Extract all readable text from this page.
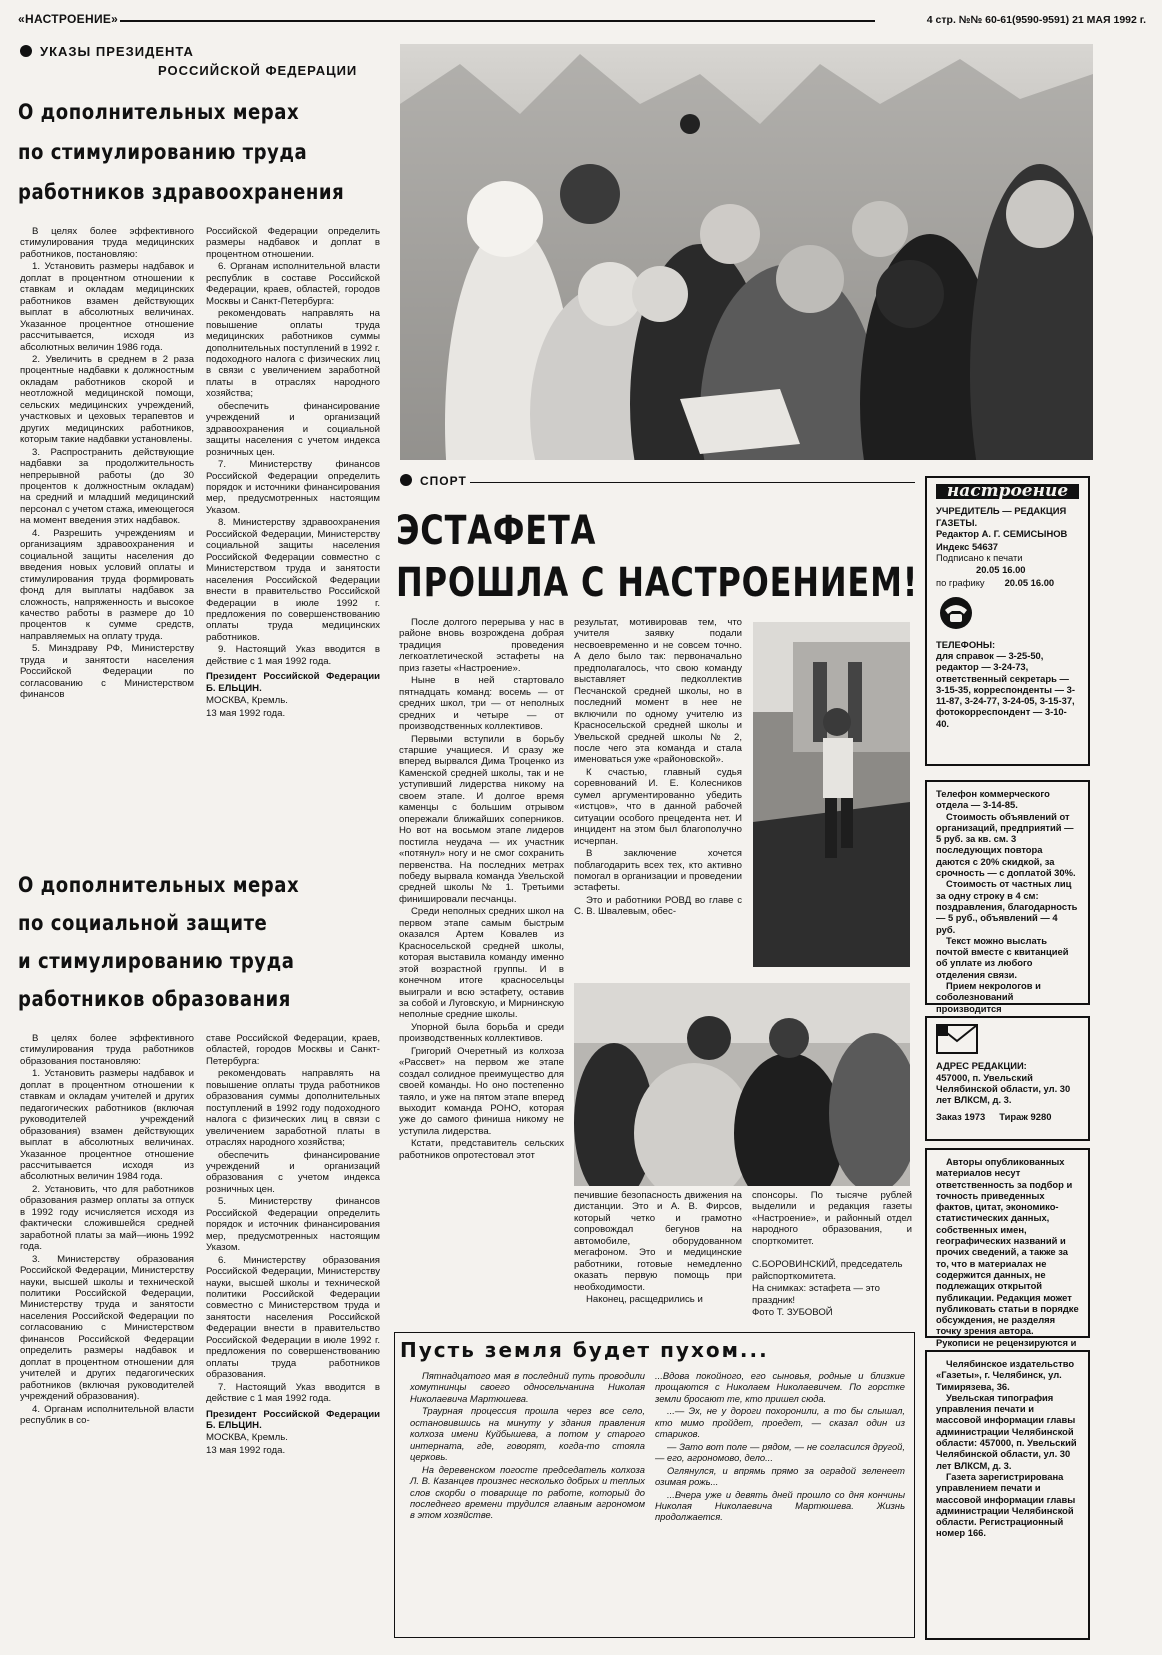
«НАСТРОЕНИЕ»	4 стр. №№ 60-61(9590-9591) 21 МАЯ 1992 г.
УКАЗЫ ПРЕЗИДЕНТА
РОССИЙСКОЙ ФЕДЕРАЦИИ
О дополнительных мерах
по стимулированию труда
работников здравоохранения

В целях более эффективного стимулирования труда медицинских работников, постановляю:

1. Установить размеры надбавок и доплат в процентном отношении к ставкам и окладам медицинских работников взамен действующих выплат в абсолютных величинах. Указанное процентное отношение рассчитывается, исходя из абсолютных величин 1986 года.

2. Увеличить в среднем в 2 раза процентные надбавки к должностным окладам работников скорой и неотложной медицинской помощи, сельских медицинских учреждений, участковых и цеховых терапевтов и других медицинских работников, которым такие надбавки установлены.

3. Распространить действующие надбавки за продолжительность непрерывной работы (до 30 процентов к должностным окладам) на средний и младший медицинский персонал с учетом стажа, имеющегося на момент введения этих надбавок.

4. Разрешить учреждениям и организациям здравоохранения и социальной защиты населения до введения новых условий оплаты и стимулирования труда формировать фонд для выплаты надбавок за сложность, напряженность и высокое качество работы в размере до 10 процентов к сумме средств, направляемых на оплату труда.

5. Минздраву РФ, Министерству труда и занятости населения Российской Федерации по согласованию с Министерством финансов

Российской Федерации определить размеры надбавок и доплат в процентном отношении.

6. Органам исполнительной власти республик в составе Российской Федерации, краев, областей, городов Москвы и Санкт-Петербурга:

рекомендовать направлять на повышение оплаты труда медицинских работников суммы дополнительных поступлений в 1992 г. подоходного налога с физических лиц в связи с увеличением заработной платы в отраслях народного хозяйства;

обеспечить финансирование учреждений и организаций здравоохранения и социальной защиты населения с учетом индекса розничных цен.

7. Министерству финансов Российской Федерации определить порядок и источники финансирования мер, предусмотренных настоящим Указом.

8. Министерству здравоохранения Российской Федерации, Министерству социальной защиты населения Российской Федерации совместно с Министерством труда и занятости населения Российской Федерации внести в правительство Российской Федерации в июле 1992 г. предложения по совершенствованию оплаты труда медицинских работников.

9. Настоящий Указ вводится в действие с 1 мая 1992 года.

Президент Российской Федерации Б. ЕЛЬЦИН.

МОСКВА, Кремль.

13 мая 1992 года.

О дополнительных мерах
по социальной защите
и стимулированию труда
работников образования

В целях более эффективного стимулирования труда работников образования постановляю:

1. Установить размеры надбавок и доплат в процентном отношении к ставкам и окладам учителей и других педагогических работников (включая руководителей учреждений образования) взамен действующих выплат в абсолютных величинах. Указанное процентное отношение рассчитывается исходя из абсолютных величин 1984 года.

2. Установить, что для работников образования размер оплаты за отпуск в 1992 году исчисляется исходя из фактически сложившейся средней заработной платы за май—июнь 1992 года.

3. Министерству образования Российской Федерации, Министерству науки, высшей школы и технической политики Российской Федерации, Министерству труда и занятости населения Российской Федерации по согласованию с Министерством финансов Российской Федерации определить размеры надбавок и доплат в процентном отношении для учителей и других педагогических работников (включая руководителей учреждений образования).

4. Органам исполнительной власти республик в со-

ставе Российской Федерации, краев, областей, городов Москвы и Санкт-Петербурга:

рекомендовать направлять на повышение оплаты труда работников образования суммы дополнительных поступлений в 1992 году подоходного налога с физических лиц в связи с увеличением заработной платы в отраслях народного хозяйства;

обеспечить финансирование учреждений и организаций образования с учетом индекса розничных цен.

5. Министерству финансов Российской Федерации определить порядок и источник финансирования мер, предусмотренных настоящим Указом.

6. Министерству образования Российской Федерации, Министерству науки, высшей школы и технической политики Российской Федерации совместно с Министерством труда и занятости населения Российской Федерации внести в правительство Российской Федерации в июле 1992 г. предложения по совершенствованию оплаты труда работников образования.

7. Настоящий Указ вводится в действие с 1 мая 1992 года.

Президент Российской Федерации Б. ЕЛЬЦИН.

МОСКВА, Кремль.

13 мая 1992 года.

СПОРТ
ЭСТАФЕТА
ПРОШЛА С НАСТРОЕНИЕМ!

После долгого перерыва у нас в районе вновь возрождена добрая традиция проведения легкоатлетической эстафеты на приз газеты «Настроение».

Ныне в ней стартовало пятнадцать команд: восемь — от средних школ, три — от неполных средних и четыре — от производственных коллективов.

Первыми вступили в борьбу старшие учащиеся. И сразу же вперед вырвался Дима Троценко из Каменской средней школы, так и не уступивший лидерства никому на своем этапе. И долгое время каменцы с большим отрывом опережали ближайших соперников. Но вот на восьмом этапе лидеров постигла неудача — их участник «потянул» ногу и не смог сохранить первенства. На последних метрах победу вырвала команда Увельской средней школы № 1. Третьими финишировали песчанцы.

Среди неполных средних школ на первом этапе самым быстрым оказался Артем Ковалев из Красносельской средней школы, которая выставила команду именно этой возрастной группы. И в конечном итоге красносельцы выиграли и всю эстафету, оставив за собой и Луговскую, и Мирнинскую неполные средние школы.

Упорной была борьба и среди производственных коллективов.

Григорий Очеретный из колхоза «Рассвет» на первом же этапе создал солидное преимущество для своей команды. Но оно постепенно таяло, и уже на пятом этапе вперед выходит команда РОНО, которая уже до самого финиша никому не уступила лидерства.

Кстати, представитель сельских работников опротестовал этот

результат, мотивировав тем, что учителя заявку подали несвоевременно и не совсем точно. А дело было так: первоначально предполагалось, что свою команду выставляет педколлектив Песчанской средней школы, но в последний момент в нее не включили по одному учителю из Красносельской средней школы и Увельской средней школы № 2, после чего эта команда и стала именоваться уже «районовской».

К счастью, главный судья соревнований И. Е. Колесников сумел аргументированно убедить «истцов», что в данной рабочей ситуации особого прецедента нет. И инцидент на этом был благополучно исчерпан.

В заключение хочется поблагодарить всех тех, кто активно помогал в организации и проведении эстафеты.

Это и работники РОВД во главе с С. В. Швалевым, обес-

печившие безопасность движения на дистанции. Это и А. В. Фирсов, который четко и грамотно сопровождал бегунов на автомобиле, оборудованном мегафоном. Это и медицинские работники, готовые немедленно оказать первую помощь при необходимости.

Наконец, расщедрились и

спонсоры. По тысяче рублей выделили и редакция газеты «Настроение», и районный отдел народного образования, и спорткомитет.

С.БОРОВИНСКИЙ, председатель райспорткомитета.

На снимках: эстафета — это праздник!

Фото Т. ЗУБОВОЙ

Пусть земля будет пухом...

Пятнадцатого мая в последний путь проводили хомутнинцы своего односельчанина Николая Николаевича Мартюшева.

Траурная процессия прошла через все село, остановившись на минуту у здания правления колхоза имени Куйбышева, а потом у старого интерната, где, говорят, когда-то стояла церковь.

На деревенском погосте председатель колхоза Л. В. Казанцев произнес несколько добрых и теплых слов скорби о товарище по работе, который до последнего времени трудился главным агрономом в этом хозяйстве.

...Вдова покойного, его сыновья, родные и близкие прощаются с Николаем Николаевичем. По горстке земли бросают те, кто пришел сюда.

...— Эх, не у дороги похоронили, а то бы слышал, кто мимо пройдет, проедет, — сказал один из стариков.

— Зато вот поле — рядом, — не согласился другой, — его, агрономово, дело...

Оглянулся, и впрямь прямо за оградой зеленеет озимая рожь...

...Вчера уже и девять дней прошло со дня кончины Николая Николаевича Мартюшева. Жизнь продолжается.

настроение
УЧРЕДИТЕЛЬ — РЕДАКЦИЯ ГАЗЕТЫ.
Редактор А. Г. СЕМИСЫНОВ
Индекс 54637
Подписано к печати
20.05 16.00
по графику 20.05 16.00
ТЕЛЕФОНЫ:
для справок — 3-25-50, редактор — 3-24-73, ответственный секретарь — 3-15-35, корреспонденты — 3-11-87, 3-24-77, 3-24-05, 3-15-37, фотокорреспондент — 3-10-40.
Телефон коммерческого отдела — 3-14-85.
Стоимость объявлений от организаций, предприятий — 5 руб. за кв. см. 3 последующих повтора даются с 20% скидкой, за срочность — с доплатой 30%.
Стоимость от частных лиц за одну строку в 4 см: поздравления, благодарность — 5 руб., объявлений — 4 руб.
Текст можно выслать почтой вместе с квитанцией об уплате из любого отделения связи.
Прием некрологов и соболезнований производится
АДРЕС РЕДАКЦИИ:
457000, п. Увельский Челябинской области, ул. 30 лет ВЛКСМ, д. 3.
Заказ 1973 Тираж 9280
Авторы опубликованных материалов несут ответственность за подбор и точность приведенных фактов, цитат, экономико-статистических данных, собственных имен, географических названий и прочих сведений, а также за то, что в материалах не содержится данных, не подлежащих открытой публикации. Редакция может публиковать статьи в порядке обсуждения, не разделяя точку зрения автора. Рукописи не рецензируются и
Челябинское издательство «Газеты», г. Челябинск, ул. Тимирязева, 36.
Увельская типография управления печати и массовой информации главы администрации Челябинской области: 457000, п. Увельский Челябинской области, ул. 30 лет ВЛКСМ, д. 3.
Газета зарегистрирована управлением печати и массовой информации главы администрации Челябинской области. Регистрационный номер 166.
